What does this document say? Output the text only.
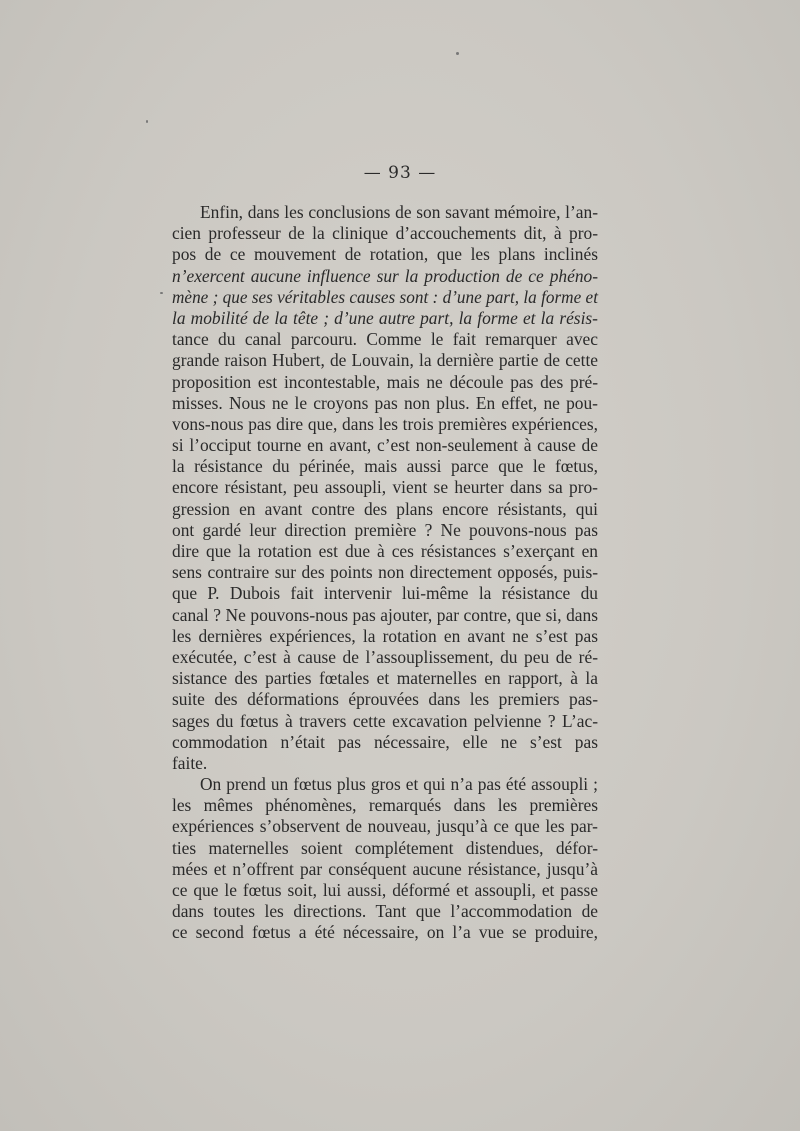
— 93 —
Enfin, dans les conclusions de son savant mémoire, l’an-
cien professeur de la clinique d’accouchements dit, à pro-
pos de ce mouvement de rotation, que les plans inclinés
n’exercent aucune influence sur la production de ce phéno-
mène ; que ses véritables causes sont : d’une part, la forme et
la mobilité de la tête ; d’une autre part, la forme et la résis-
tance du canal parcouru. Comme le fait remarquer avec
grande raison Hubert, de Louvain, la dernière partie de cette
proposition est incontestable, mais ne découle pas des pré-
misses. Nous ne le croyons pas non plus. En effet, ne pou-
vons-nous pas dire que, dans les trois premières expériences,
si l’occiput tourne en avant, c’est non-seulement à cause de
la résistance du périnée, mais aussi parce que le fœtus,
encore résistant, peu assoupli, vient se heurter dans sa pro-
gression en avant contre des plans encore résistants, qui
ont gardé leur direction première ? Ne pouvons-nous pas
dire que la rotation est due à ces résistances s’exerçant en
sens contraire sur des points non directement opposés, puis-
que P. Dubois fait intervenir lui-même la résistance du
canal ? Ne pouvons-nous pas ajouter, par contre, que si, dans
les dernières expériences, la rotation en avant ne s’est pas
exécutée, c’est à cause de l’assouplissement, du peu de ré-
sistance des parties fœtales et maternelles en rapport, à la
suite des déformations éprouvées dans les premiers pas-
sages du fœtus à travers cette excavation pelvienne ? L’ac-
commodation n’était pas nécessaire, elle ne s’est pas
faite.
On prend un fœtus plus gros et qui n’a pas été assoupli ;
les mêmes phénomènes, remarqués dans les premières
expériences s’observent de nouveau, jusqu’à ce que les par-
ties maternelles soient complétement distendues, défor-
mées et n’offrent par conséquent aucune résistance, jusqu’à
ce que le fœtus soit, lui aussi, déformé et assoupli, et passe
dans toutes les directions. Tant que l’accommodation de
ce second fœtus a été nécessaire, on l’a vue se produire,
